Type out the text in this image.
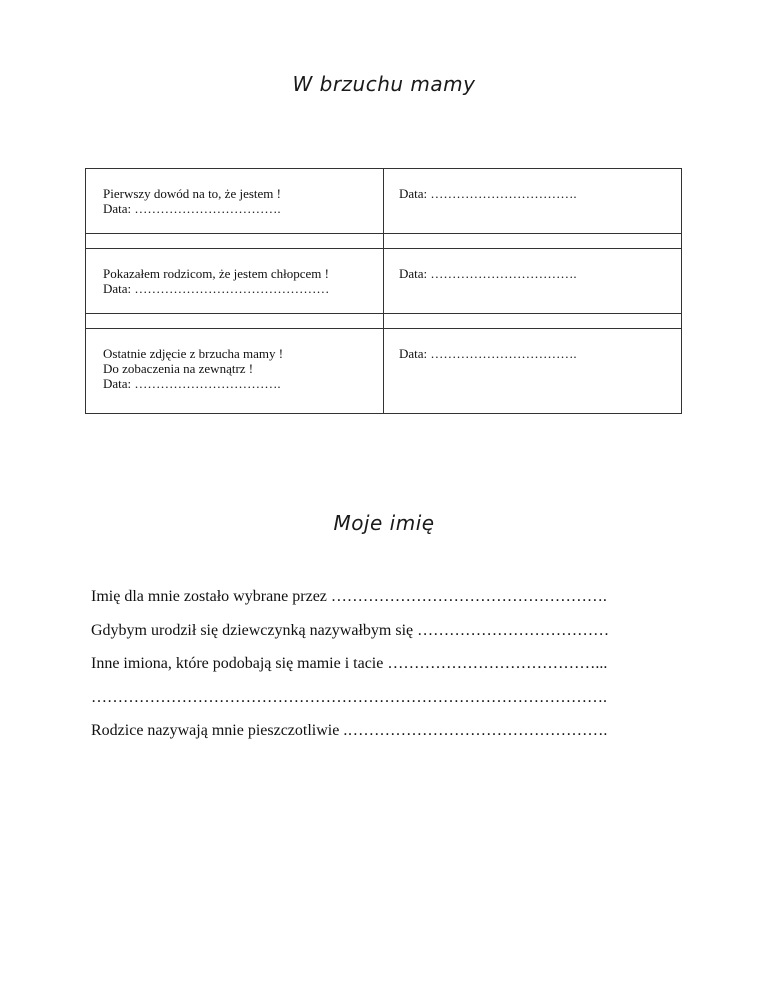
W brzuchu mamy
Pierwszy dowód na to, że jestem !
Data: …………………………….	Data: …………………………….

Pokazałem rodzicom, że jestem chłopcem !
Data: ………………………………………	Data: …………………………….

Ostatnie zdjęcie z brzucha mamy !
Do zobaczenia na zewnątrz !
Data: …………………………….	Data: …………………………….
Moje imię
Imię dla mnie zostało wybrane przez …………………………………………….
Gdybym urodził się dziewczynką nazywałbym się ………………………………
Inne imiona, które podobają się mamie i tacie …………………………………...
…………………………………………………………………………………….
Rodzice nazywają mnie pieszczotliwie .………………………………………….
